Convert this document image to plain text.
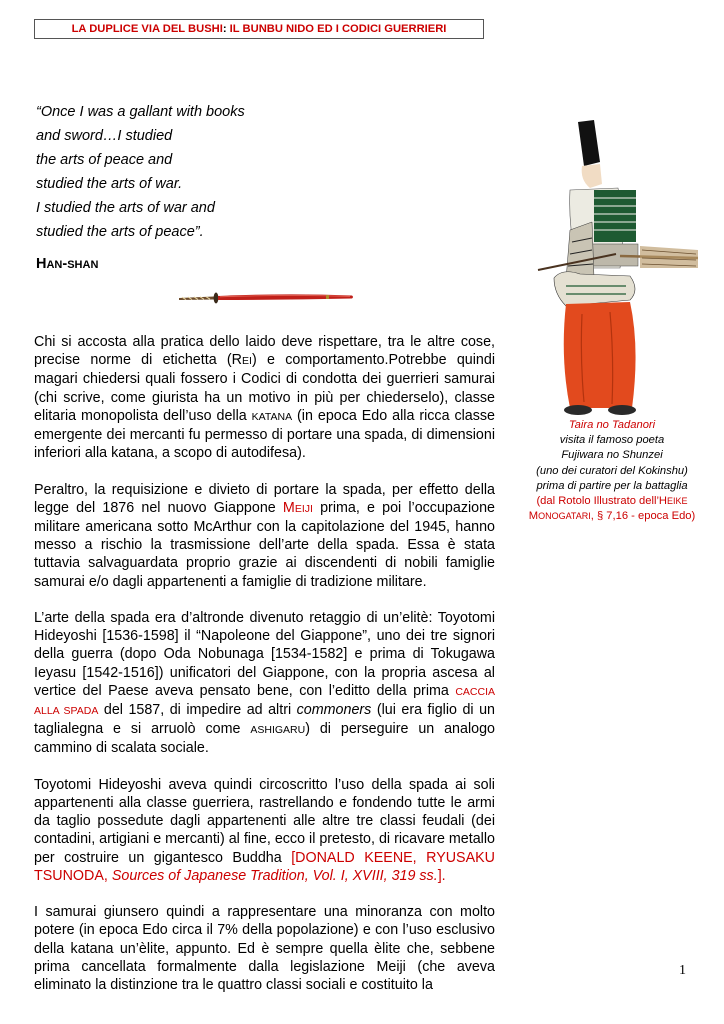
LA DUPLICE VIA DEL BUSHI: IL BUNBU NIDO ED I CODICI GUERRIERI
“Once I was a gallant with books
and sword…I studied
the arts of peace and
studied the arts of war.
I studied the arts of war and
studied the arts of peace”.
HAN-SHAN

Chi si accosta alla pratica dello laido deve rispettare, tra le altre cose, precise norme di etichetta (REI) e comportamento.Potrebbe quindi magari chiedersi quali fossero i Codici di condotta dei guerrieri samurai (chi scrive, come giurista ha un motivo in più per chiederselo), classe elitaria monopolista dell’uso della KATANA (in epoca Edo alla ricca classe emergente dei mercanti fu permesso di portare una spada, di dimensioni inferiori alla katana, a scopo di autodifesa).

Peraltro, la requisizione e divieto di portare la spada, per effetto della legge del 1876 nel nuovo Giappone MEIJI prima, e poi l’occupazione militare americana sotto McArthur con la capitolazione del 1945, hanno messo a rischio la trasmissione dell’arte della spada. Essa è stata tuttavia salvaguardata proprio grazie ai discendenti di nobili famiglie samurai e/o dagli appartenenti a famiglie di tradizione militare.

L’arte della spada era d’altronde divenuto retaggio di un’elitè: Toyotomi Hideyoshi [1536-1598] il “Napoleone del Giappone”, uno dei tre signori della guerra (dopo Oda Nobunaga [1534-1582] e prima di Tokugawa Ieyasu [1542-1516]) unificatori del Giappone, con la propria ascesa al vertice del Paese aveva pensato bene, con l’editto della prima CACCIA ALLA SPADA del 1587, di impedire ad altri commoners (lui era figlio di un taglialegna e si arruolò come ASHIGARU) di perseguire un analogo cammino di scalata sociale.

Toyotomi Hideyoshi aveva quindi circoscritto l’uso della spada ai soli appartenenti alla classe guerriera, rastrellando e fondendo tutte le armi da taglio possedute dagli appartenenti alle altre tre classi feudali (dei contadini, artigiani e mercanti) al fine, ecco il pretesto, di ricavare metallo per costruire un gigantesco Buddha [DONALD KEENE, RYUSAKU TSUNODA, Sources of Japanese Tradition, Vol. I, XVIII, 319 ss.].

I samurai giunsero quindi a rappresentare una minoranza con molto potere (in epoca Edo circa il 7% della popolazione) e con l’uso esclusivo della katana un’èlite, appunto. Ed è sempre quella èlite che, sebbene prima cancellata formalmente dalla legislazione Meiji (che aveva eliminato la distinzione tra le quattro classi sociali e costituito la

Taira no Tadanori
visita il famoso poeta
Fujiwara no Shunzei
(uno dei curatori del Kokinshu)
prima di partire per la battaglia
(dal Rotolo Illustrato dell’HEIKE
MONOGATARI, § 7,16 - epoca Edo)
1
